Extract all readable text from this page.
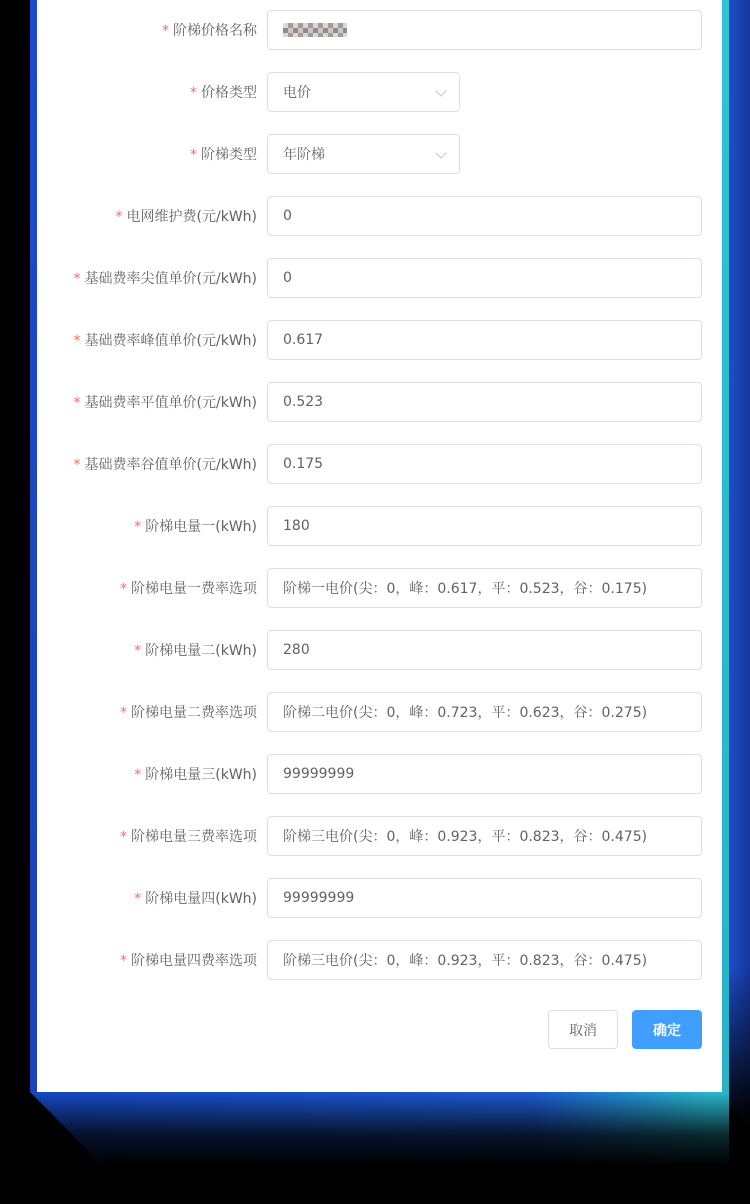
* 阶梯价格名称
* 价格类型	电价
* 阶梯类型	年阶梯
* 电网维护费(元/kWh)
0
* 基础费率尖值单价(元/kWh)
0
* 基础费率峰值单价(元/kWh)
0.617
* 基础费率平值单价(元/kWh)
0.523
* 基础费率谷值单价(元/kWh)
0.175
* 阶梯电量一(kWh)
180
* 阶梯电量一费率选项
阶梯一电价(尖：0，峰：0.617，平：0.523，谷：0.175)
* 阶梯电量二(kWh)
280
* 阶梯电量二费率选项
阶梯二电价(尖：0，峰：0.723，平：0.623，谷：0.275)
* 阶梯电量三(kWh)
99999999
* 阶梯电量三费率选项
阶梯三电价(尖：0，峰：0.923，平：0.823，谷：0.475)
* 阶梯电量四(kWh)
99999999
* 阶梯电量四费率选项
阶梯三电价(尖：0，峰：0.923，平：0.823，谷：0.475)
取消	确定
